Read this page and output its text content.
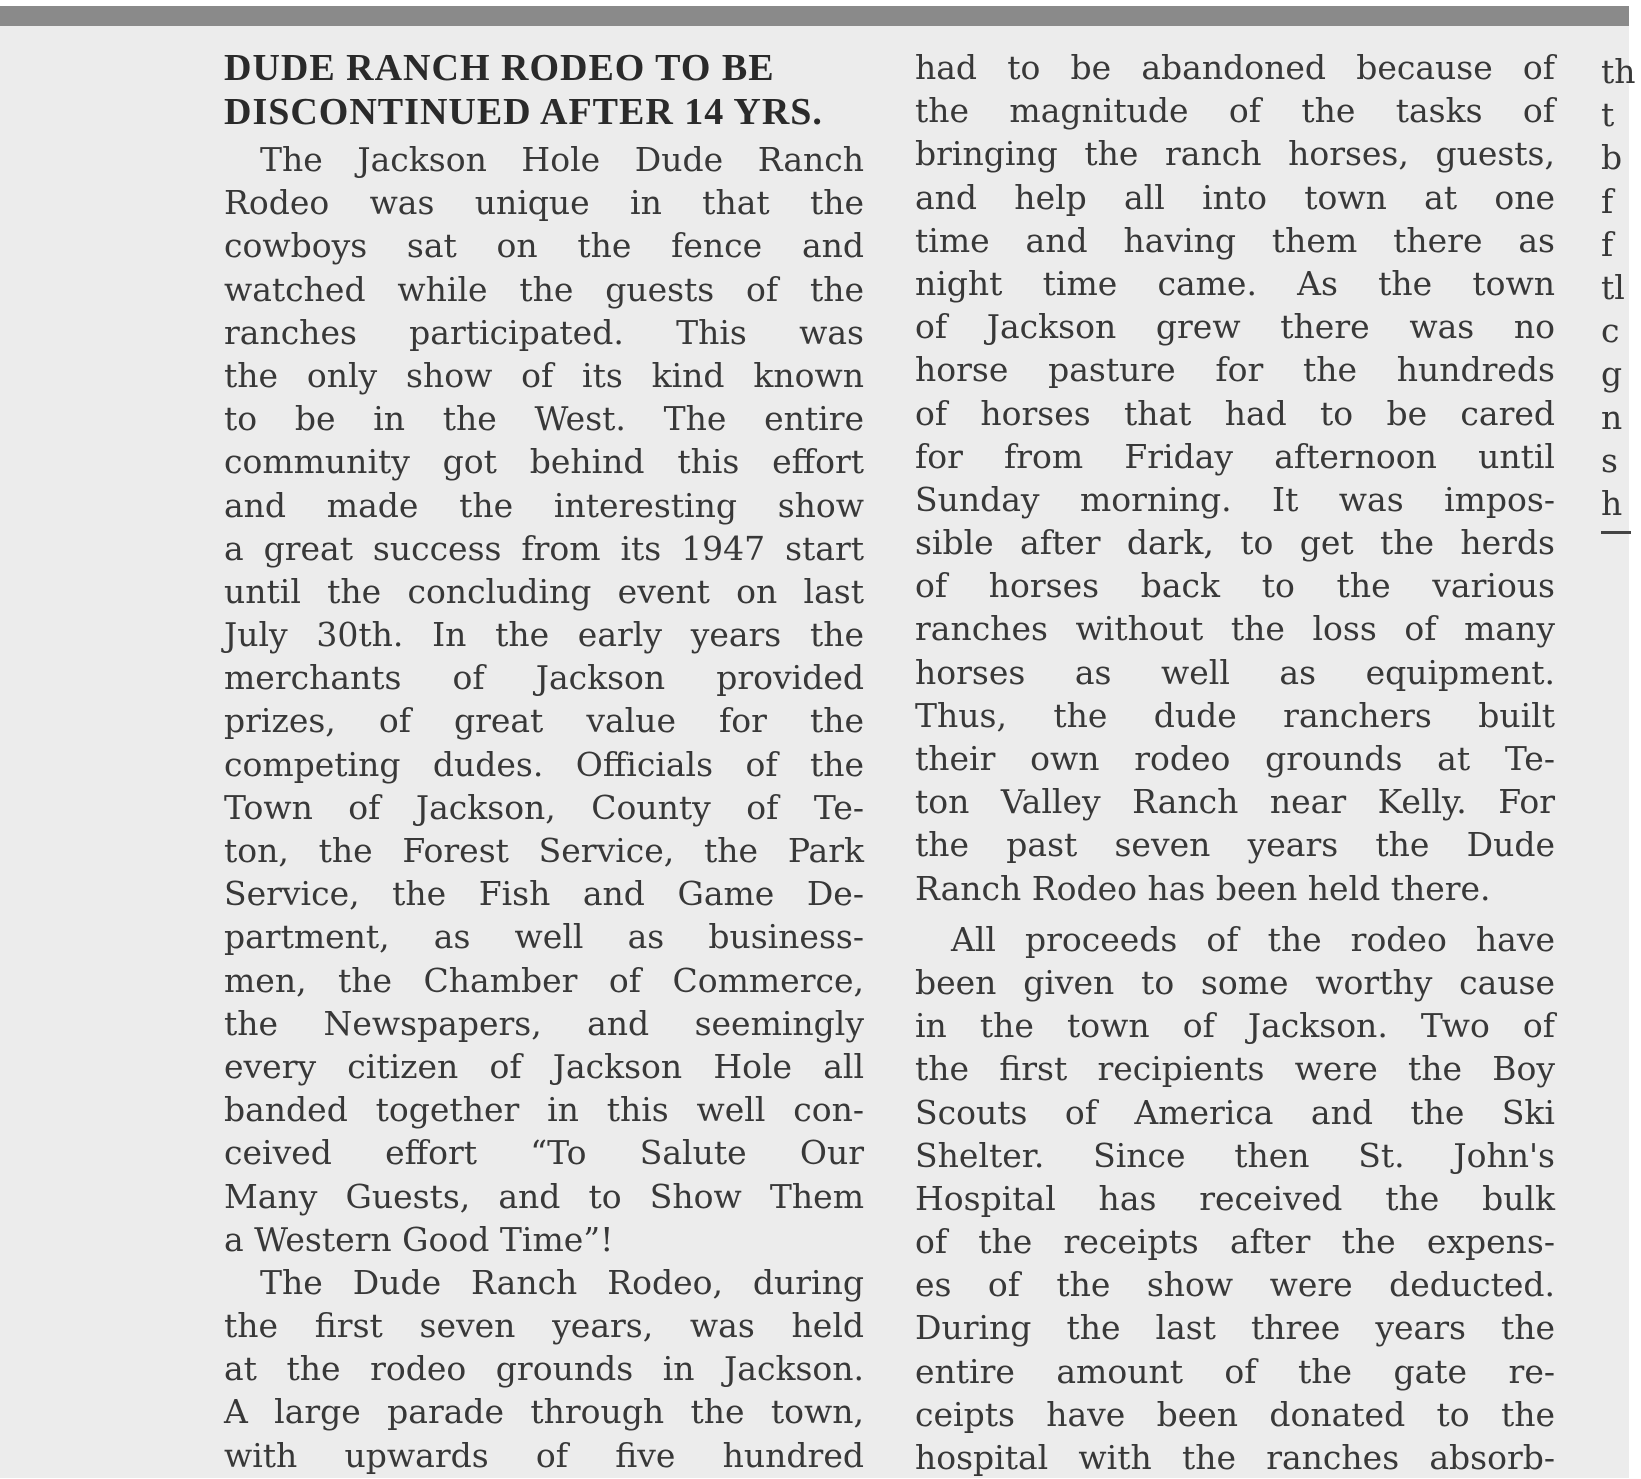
DUDE RANCH RODEO TO BE
DISCONTINUED AFTER 14 YRS.
The Jackson Hole Dude Ranch
Rodeo was unique in that the
cowboys sat on the fence and
watched while the guests of the
ranches participated. This was
the only show of its kind known
to be in the West. The entire
community got behind this effort
and made the interesting show
a great success from its 1947 start
until the concluding event on last
July 30th. In the early years the
merchants of Jackson provided
prizes, of great value for the
competing dudes. Officials of the
Town of Jackson, County of Te-
ton, the Forest Service, the Park
Service, the Fish and Game De-
partment, as well as business-
men, the Chamber of Commerce,
the Newspapers, and seemingly
every citizen of Jackson Hole all
banded together in this well con-
ceived effort “To Salute Our
Many Guests, and to Show Them
a Western Good Time”!
The Dude Ranch Rodeo, during
the first seven years, was held
at the rodeo grounds in Jackson.
A large parade through the town,
with upwards of five hundred
had to be abandoned because of
the magnitude of the tasks of
bringing the ranch horses, guests,
and help all into town at one
time and having them there as
night time came. As the town
of Jackson grew there was no
horse pasture for the hundreds
of horses that had to be cared
for from Friday afternoon until
Sunday morning. It was impos-
sible after dark, to get the herds
of horses back to the various
ranches without the loss of many
horses as well as equipment.
Thus, the dude ranchers built
their own rodeo grounds at Te-
ton Valley Ranch near Kelly. For
the past seven years the Dude
Ranch Rodeo has been held there.
All proceeds of the rodeo have
been given to some worthy cause
in the town of Jackson. Two of
the first recipients were the Boy
Scouts of America and the Ski
Shelter. Since then St. John's
Hospital has received the bulk
of the receipts after the expens-
es of the show were deducted.
During the last three years the
entire amount of the gate re-
ceipts have been donated to the
hospital with the ranches absorb-
th
t
b
f
f
tl
c
g
n
s
h
